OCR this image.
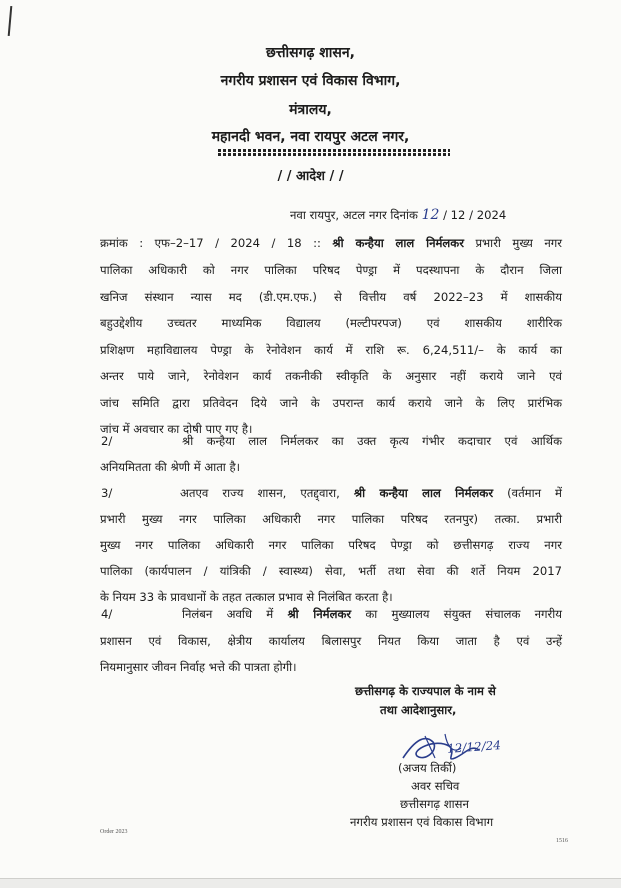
छत्तीसगढ़ शासन,
नगरीय प्रशासन एवं विकास विभाग,
मंत्रालय,
महानदी भवन, नवा रायपुर अटल नगर,
/ / आदेश / /
नवा रायपुर, अटल नगर दिनांक 12 / 12 / 2024
क्रमांक : एफ–2–17 / 2024 / 18 :: श्री कन्हैया लाल निर्मलकर प्रभारी मुख्य नगर
पालिका अधिकारी को नगर पालिका परिषद पेण्ड्रा में पदस्थापना के दौरान जिला
खनिज संस्थान न्यास मद (डी.एम.एफ.) से वित्तीय वर्ष 2022–23 में शासकीय
बहुउद्देशीय उच्चतर माध्यमिक विद्यालय (मल्टीपरपज) एवं शासकीय शारीरिक
प्रशिक्षण महाविद्यालय पेण्ड्रा के रेनोवेशन कार्य में राशि रू. 6,24,511/– के कार्य का
अन्तर पाये जाने, रेनोवेशन कार्य तकनीकी स्वीकृति के अनुसार नहीं कराये जाने एवं
जांच समिति द्वारा प्रतिवेदन दिये जाने के उपरान्त कार्य कराये जाने के लिए प्रारंभिक
जांच में अवचार का दोषी पाए गए है।
2/	श्री कन्हैया लाल निर्मलकर का उक्त कृत्य गंभीर कदाचार एवं आर्थिक
अनियमितता की श्रेणी में आता है।
3/	अतएव राज्य शासन, एतद्द्वारा, श्री कन्हैया लाल निर्मलकर (वर्तमान में
प्रभारी मुख्य नगर पालिका अधिकारी नगर पालिका परिषद रतनपुर) तत्का. प्रभारी
मुख्य नगर पालिका अधिकारी नगर पालिका परिषद पेण्ड्रा को छत्तीसगढ़ राज्य नगर
पालिका (कार्यपालन / यांत्रिकी / स्वास्थ्य) सेवा, भर्ती तथा सेवा की शर्ते नियम 2017
के नियम 33 के प्रावधानों के तहत तत्काल प्रभाव से निलंबित करता है।
4/	निलंबन अवधि में श्री निर्मलकर का मुख्यालय संयुक्त संचालक नगरीय
प्रशासन एवं विकास, क्षेत्रीय कार्यालय बिलासपुर नियत किया जाता है एवं उन्हें
नियमानुसार जीवन निर्वाह भत्ते की पात्रता होगी।
छत्तीसगढ़ के राज्यपाल के नाम से
तथा आदेशानुसार,
12/12/24
(अजय तिर्की)
अवर सचिव
छत्तीसगढ़ शासन
नगरीय प्रशासन एवं विकास विभाग
Order 2023
1516
